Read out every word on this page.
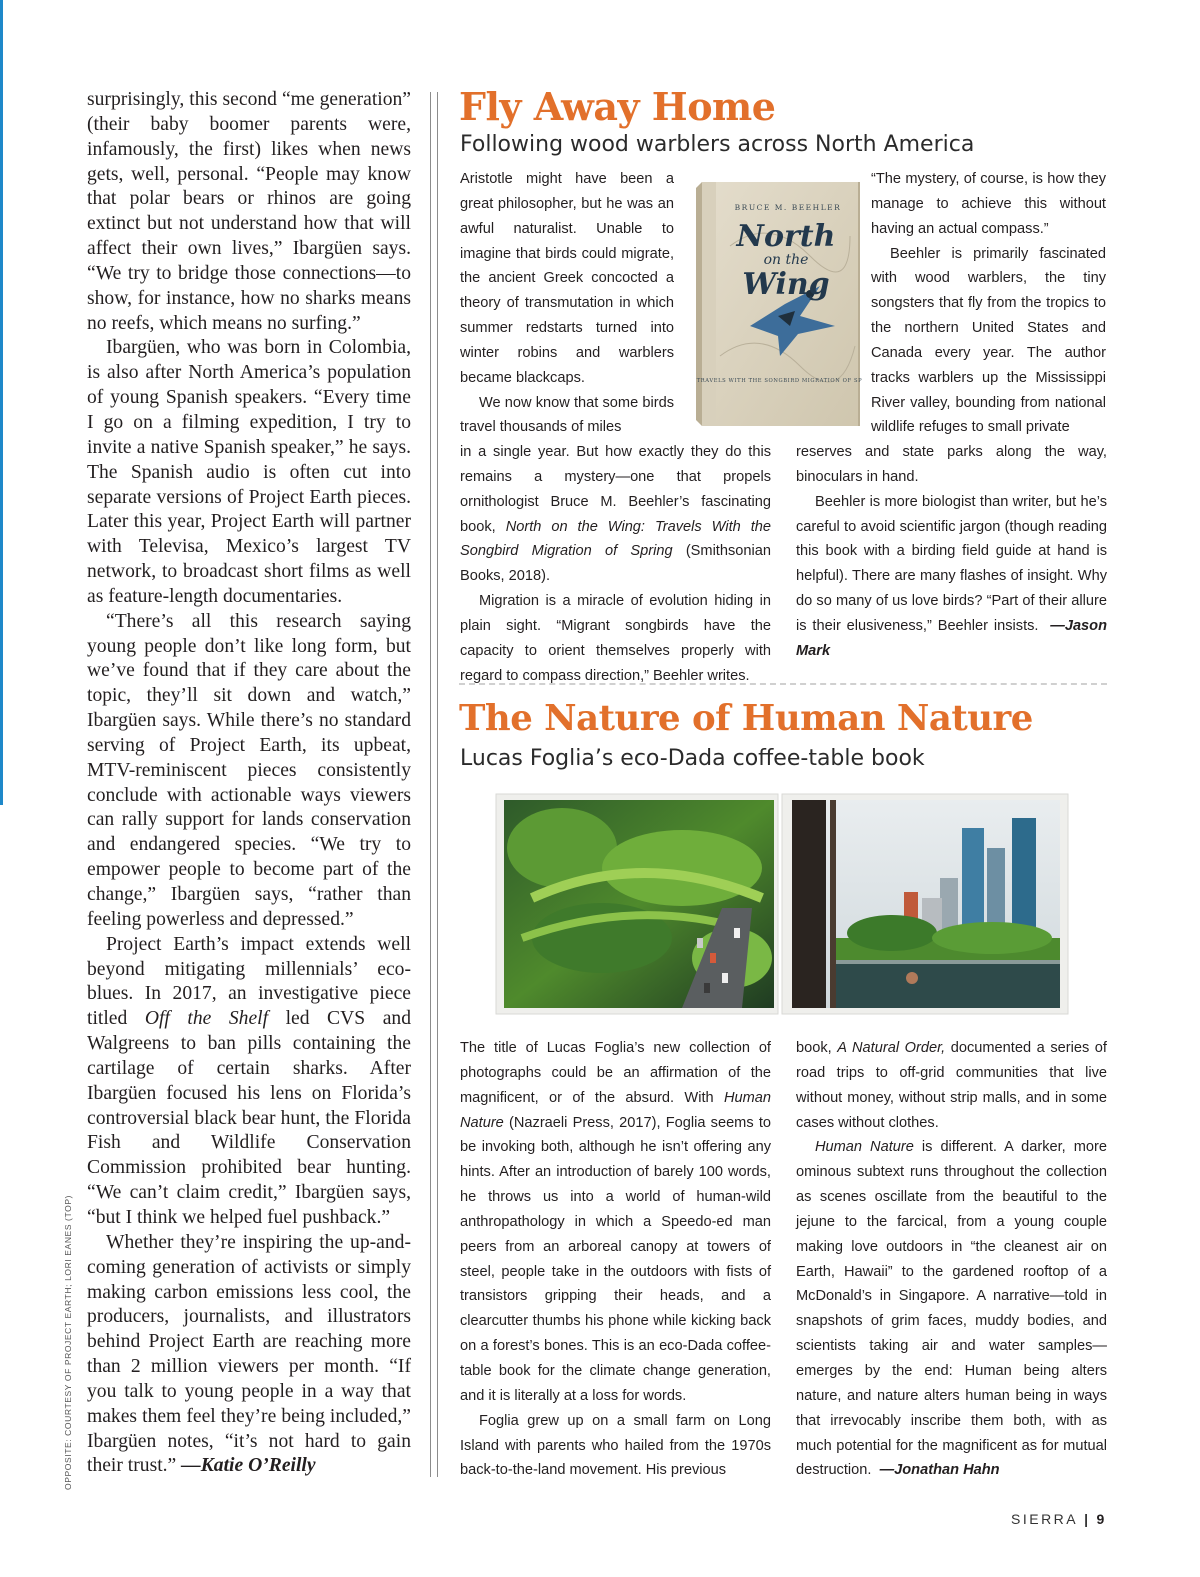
OPPOSITE: COURTESY OF PROJECT EARTH; LORI EANES (TOP)

surprisingly, this second “me generation” (their baby boomer parents were, infamously, the first) likes when news gets, well, personal. “People may know that polar bears or rhinos are going extinct but not understand how that will affect their own lives,” Ibargüen says. “We try to bridge those connections—to show, for instance, how no sharks means no reefs, which means no surfing.”

Ibargüen, who was born in Colombia, is also after North America’s population of young Spanish speakers. “Every time I go on a filming expedition, I try to invite a native Spanish speaker,” he says. The Spanish audio is often cut into separate versions of Project Earth pieces. Later this year, Project Earth will partner with Televisa, Mexico’s largest TV network, to broadcast short films as well as feature-length documentaries.

“There’s all this research saying young people don’t like long form, but we’ve found that if they care about the topic, they’ll sit down and watch,” Ibargüen says. While there’s no standard serving of Project Earth, its upbeat, MTV-reminiscent pieces consistently conclude with actionable ways viewers can rally support for lands conservation and endangered species. “We try to empower people to become part of the change,” Ibargüen says, “rather than feeling powerless and depressed.”

Project Earth’s impact extends well beyond mitigating millennials’ eco-blues. In 2017, an investigative piece titled Off the Shelf led CVS and Walgreens to ban pills containing the cartilage of certain sharks. After Ibargüen focused his lens on Florida’s controversial black bear hunt, the Florida Fish and Wildlife Conservation Commission prohibited bear hunting. “We can’t claim credit,” Ibargüen says, “but I think we helped fuel pushback.”

Whether they’re inspiring the up-and-coming generation of activists or simply making carbon emissions less cool, the producers, journalists, and illustrators behind Project Earth are reaching more than 2 million viewers per month. “If you talk to young people in a way that makes them feel they’re being included,” Ibargüen notes, “it’s not hard to gain their trust.” —Katie O’Reilly

Fly Away Home
Following wood warblers across North America

Aristotle might have been a great philosopher, but he was an awful naturalist. Unable to imagine that birds could migrate, the ancient Greek concocted a theory of transmutation in which summer redstarts turned into winter robins and warblers became blackcaps.

We now know that some birds travel thousands of miles

BRUCE M. BEEHLER
North
on the
Wing
TRAVELS WITH THE SONGBIRD MIGRATION OF SPRING

“The mystery, of course, is how they manage to achieve this without having an actual compass.”

Beehler is primarily fascinated with wood warblers, the tiny songsters that fly from the tropics to the northern United States and Canada every year. The author tracks warblers up the Mississippi River valley, bounding from national wildlife refuges to small private

in a single year. But how exactly they do this remains a mystery—one that propels ornithologist Bruce M. Beehler’s fascinating book, North on the Wing: Travels With the Songbird Migration of Spring (Smithsonian Books, 2018).

Migration is a miracle of evolution hiding in plain sight. “Migrant songbirds have the capacity to orient themselves properly with regard to compass direction,” Beehler writes.

reserves and state parks along the way, binoculars in hand.

Beehler is more biologist than writer, but he’s careful to avoid scientific jargon (though reading this book with a birding field guide at hand is helpful). There are many flashes of insight. Why do so many of us love birds? “Part of their allure is their elusiveness,” Beehler insists. —Jason Mark

The Nature of Human Nature
Lucas Foglia’s eco-Dada coffee-table book

The title of Lucas Foglia’s new collection of photographs could be an affirmation of the magnificent, or of the absurd. With Human Nature (Nazraeli Press, 2017), Foglia seems to be invoking both, although he isn’t offering any hints. After an introduction of barely 100 words, he throws us into a world of human-wild anthropathology in which a Speedo-ed man peers from an arboreal canopy at towers of steel, people take in the outdoors with fists of transistors gripping their heads, and a clearcutter thumbs his phone while kicking back on a forest’s bones. This is an eco-Dada coffee-table book for the climate change generation, and it is literally at a loss for words.

Foglia grew up on a small farm on Long Island with parents who hailed from the 1970s back-to-the-land movement. His previous

book, A Natural Order, documented a series of road trips to off-grid communities that live without money, without strip malls, and in some cases without clothes.

Human Nature is different. A darker, more ominous subtext runs throughout the collection as scenes oscillate from the beautiful to the jejune to the farcical, from a young couple making love outdoors in “the cleanest air on Earth, Hawaii” to the gardened rooftop of a McDonald’s in Singapore. A narrative—told in snapshots of grim faces, muddy bodies, and scientists taking air and water samples—emerges by the end: Human being alters nature, and nature alters human being in ways that irrevocably inscribe them both, with as much potential for the magnificent as for mutual destruction. —Jonathan Hahn

SIERRA | 9
